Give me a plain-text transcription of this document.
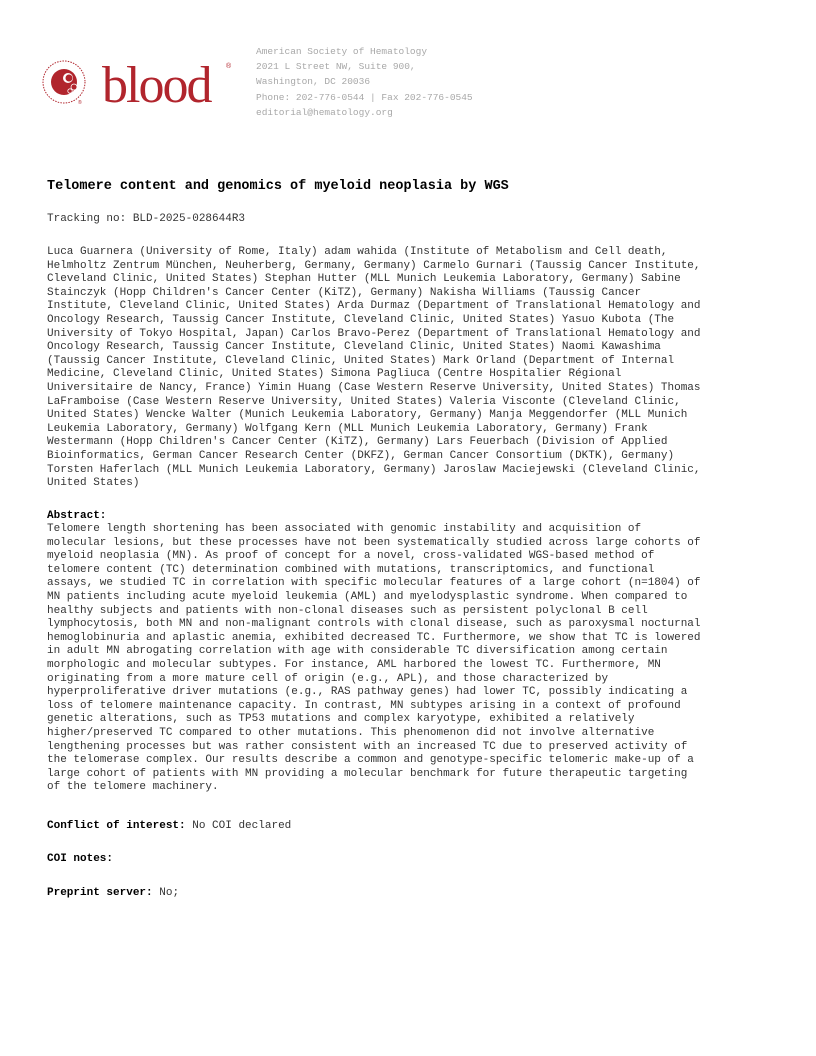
® blood ®
American Society of Hematology
2021 L Street NW, Suite 900,
Washington, DC 20036
Phone: 202-776-0544 | Fax 202-776-0545
editorial@hematology.org
Telomere content and genomics of myeloid neoplasia by WGS
Tracking no: BLD-2025-028644R3
Luca Guarnera (University of Rome, Italy) adam wahida (Institute of Metabolism and Cell death,
Helmholtz Zentrum München, Neuherberg, Germany, Germany) Carmelo Gurnari (Taussig Cancer Institute,
Cleveland Clinic, United States) Stephan Hutter (MLL Munich Leukemia Laboratory, Germany) Sabine
Stainczyk (Hopp Children's Cancer Center (KiTZ), Germany) Nakisha Williams (Taussig Cancer
Institute, Cleveland Clinic, United States) Arda Durmaz (Department of Translational Hematology and
Oncology Research, Taussig Cancer Institute, Cleveland Clinic, United States) Yasuo Kubota (The
University of Tokyo Hospital, Japan) Carlos Bravo-Perez (Department of Translational Hematology and
Oncology Research, Taussig Cancer Institute, Cleveland Clinic, United States) Naomi Kawashima
(Taussig Cancer Institute, Cleveland Clinic, United States) Mark Orland (Department of Internal
Medicine, Cleveland Clinic, United States) Simona Pagliuca (Centre Hospitalier Régional
Universitaire de Nancy, France) Yimin Huang (Case Western Reserve University, United States) Thomas
LaFramboise (Case Western Reserve University, United States) Valeria Visconte (Cleveland Clinic,
United States) Wencke Walter (Munich Leukemia Laboratory, Germany) Manja Meggendorfer (MLL Munich
Leukemia Laboratory, Germany) Wolfgang Kern (MLL Munich Leukemia Laboratory, Germany) Frank
Westermann (Hopp Children's Cancer Center (KiTZ), Germany) Lars Feuerbach (Division of Applied
Bioinformatics, German Cancer Research Center (DKFZ), German Cancer Consortium (DKTK), Germany)
Torsten Haferlach (MLL Munich Leukemia Laboratory, Germany) Jaroslaw Maciejewski (Cleveland Clinic,
United States)
Abstract:
Telomere length shortening has been associated with genomic instability and acquisition of
molecular lesions, but these processes have not been systematically studied across large cohorts of
myeloid neoplasia (MN). As proof of concept for a novel, cross-validated WGS-based method of
telomere content (TC) determination combined with mutations, transcriptomics, and functional
assays, we studied TC in correlation with specific molecular features of a large cohort (n=1804) of
MN patients including acute myeloid leukemia (AML) and myelodysplastic syndrome. When compared to
healthy subjects and patients with non-clonal diseases such as persistent polyclonal B cell
lymphocytosis, both MN and non-malignant controls with clonal disease, such as paroxysmal nocturnal
hemoglobinuria and aplastic anemia, exhibited decreased TC. Furthermore, we show that TC is lowered
in adult MN abrogating correlation with age with considerable TC diversification among certain
morphologic and molecular subtypes. For instance, AML harbored the lowest TC. Furthermore, MN
originating from a more mature cell of origin (e.g., APL), and those characterized by
hyperproliferative driver mutations (e.g., RAS pathway genes) had lower TC, possibly indicating a
loss of telomere maintenance capacity. In contrast, MN subtypes arising in a context of profound
genetic alterations, such as TP53 mutations and complex karyotype, exhibited a relatively
higher/preserved TC compared to other mutations. This phenomenon did not involve alternative
lengthening processes but was rather consistent with an increased TC due to preserved activity of
the telomerase complex. Our results describe a common and genotype-specific telomeric make-up of a
large cohort of patients with MN providing a molecular benchmark for future therapeutic targeting
of the telomere machinery.
Conflict of interest: No COI declared
COI notes:
Preprint server: No;
